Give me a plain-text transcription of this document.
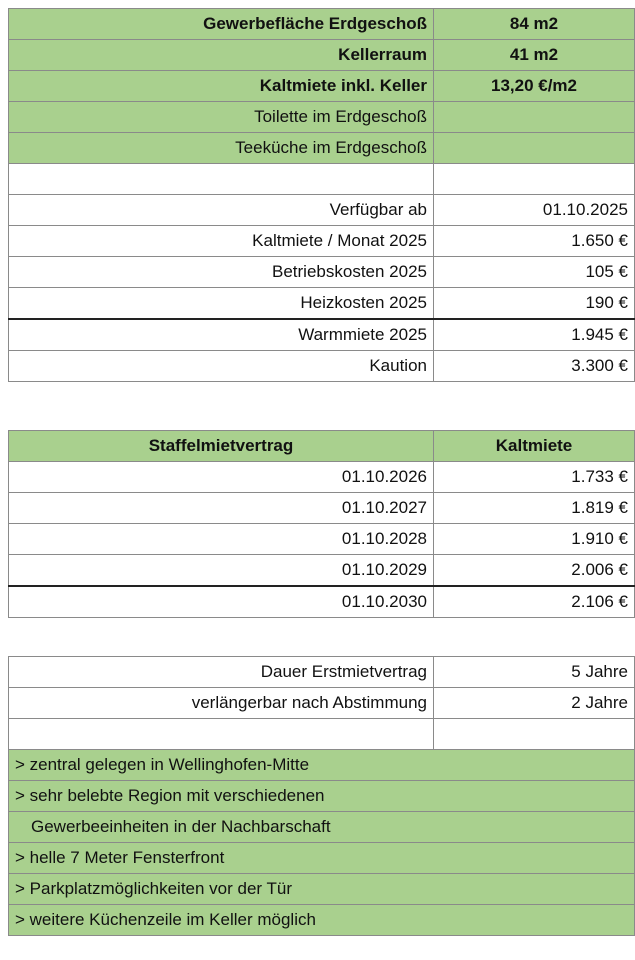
Gewerbefläche Erdgeschoß	84 m2
Kellerraum	41 m2
Kaltmiete inkl. Keller	13,20 €/m2
Toilette im Erdgeschoß	
Teeküche im Erdgeschoß	

Verfügbar ab	01.10.2025
Kaltmiete / Monat 2025	1.650 €
Betriebskosten 2025	105 €
Heizkosten 2025	190 €
Warmmiete 2025	1.945 €
Kaution	3.300 €
Staffelmietvertrag	Kaltmiete
01.10.2026	1.733 €
01.10.2027	1.819 €
01.10.2028	1.910 €
01.10.2029	2.006 €
01.10.2030	2.106 €
Dauer Erstmietvertrag	5 Jahre
verlängerbar nach Abstimmung	2 Jahre

> zentral gelegen in Wellinghofen-Mitte	
> sehr belebte Region mit verschiedenen	
Gewerbeeinheiten in der Nachbarschaft	
> helle 7 Meter Fensterfront	
> Parkplatzmöglichkeiten vor der Tür	
> weitere Küchenzeile im Keller möglich	
